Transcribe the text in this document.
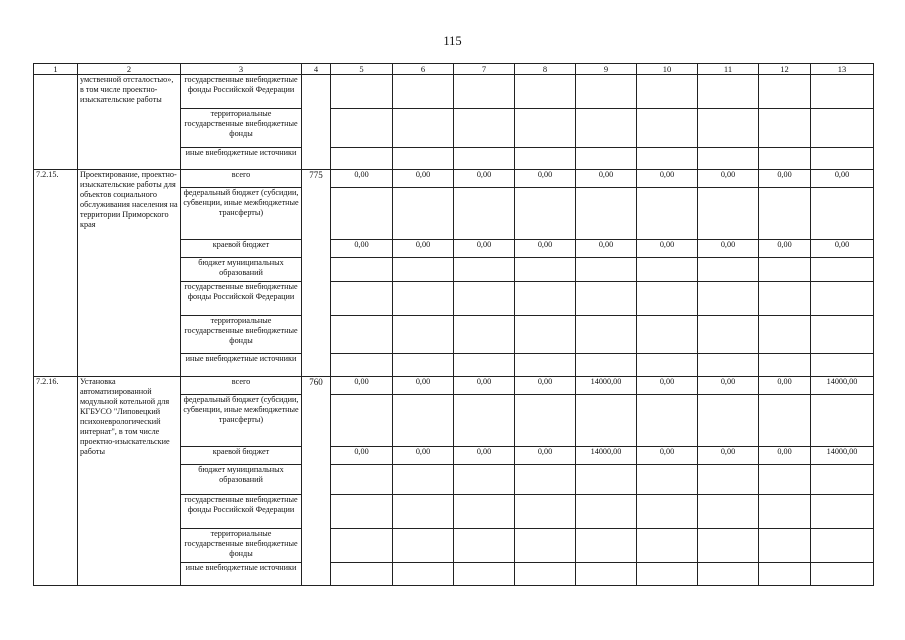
115
1	2	3	4	5	6	7	8	9	10	11	12	13
	умственной отсталостью», в том числе проектно-изыскательские работы	государственные внебюджетные фонды Российской Федерации										
		территориальные государственные внебюджетные фонды										
		иные внебюджетные источники										
7.2.15.	Проектирование, проектно-изыскательские работы для объектов социального обслуживания населения на территории Приморского края	всего	775	0,00	0,00	0,00	0,00	0,00	0,00	0,00	0,00	0,00
		федеральный бюджет (субсидии, субвенции, иные межбюджетные трансферты)										
		краевой бюджет		0,00	0,00	0,00	0,00	0,00	0,00	0,00	0,00	0,00
		бюджет муниципальных образований										
		государственные внебюджетные фонды Российской Федерации										
		территориальные государственные внебюджетные фонды										
		иные внебюджетные источники										
7.2.16.	Установка автоматизированной модульной котельной для КГБУСО "Липовецкий психоневрологический интернат", в том числе проектно-изыскательские работы	всего	760	0,00	0,00	0,00	0,00	14000,00	0,00	0,00	0,00	14000,00
		федеральный бюджет (субсидии, субвенции, иные межбюджетные трансферты)										
		краевой бюджет		0,00	0,00	0,00	0,00	14000,00	0,00	0,00	0,00	14000,00
		бюджет муниципальных образований										
		государственные внебюджетные фонды Российской Федерации										
		территориальные государственные внебюджетные фонды										
		иные внебюджетные источники										
